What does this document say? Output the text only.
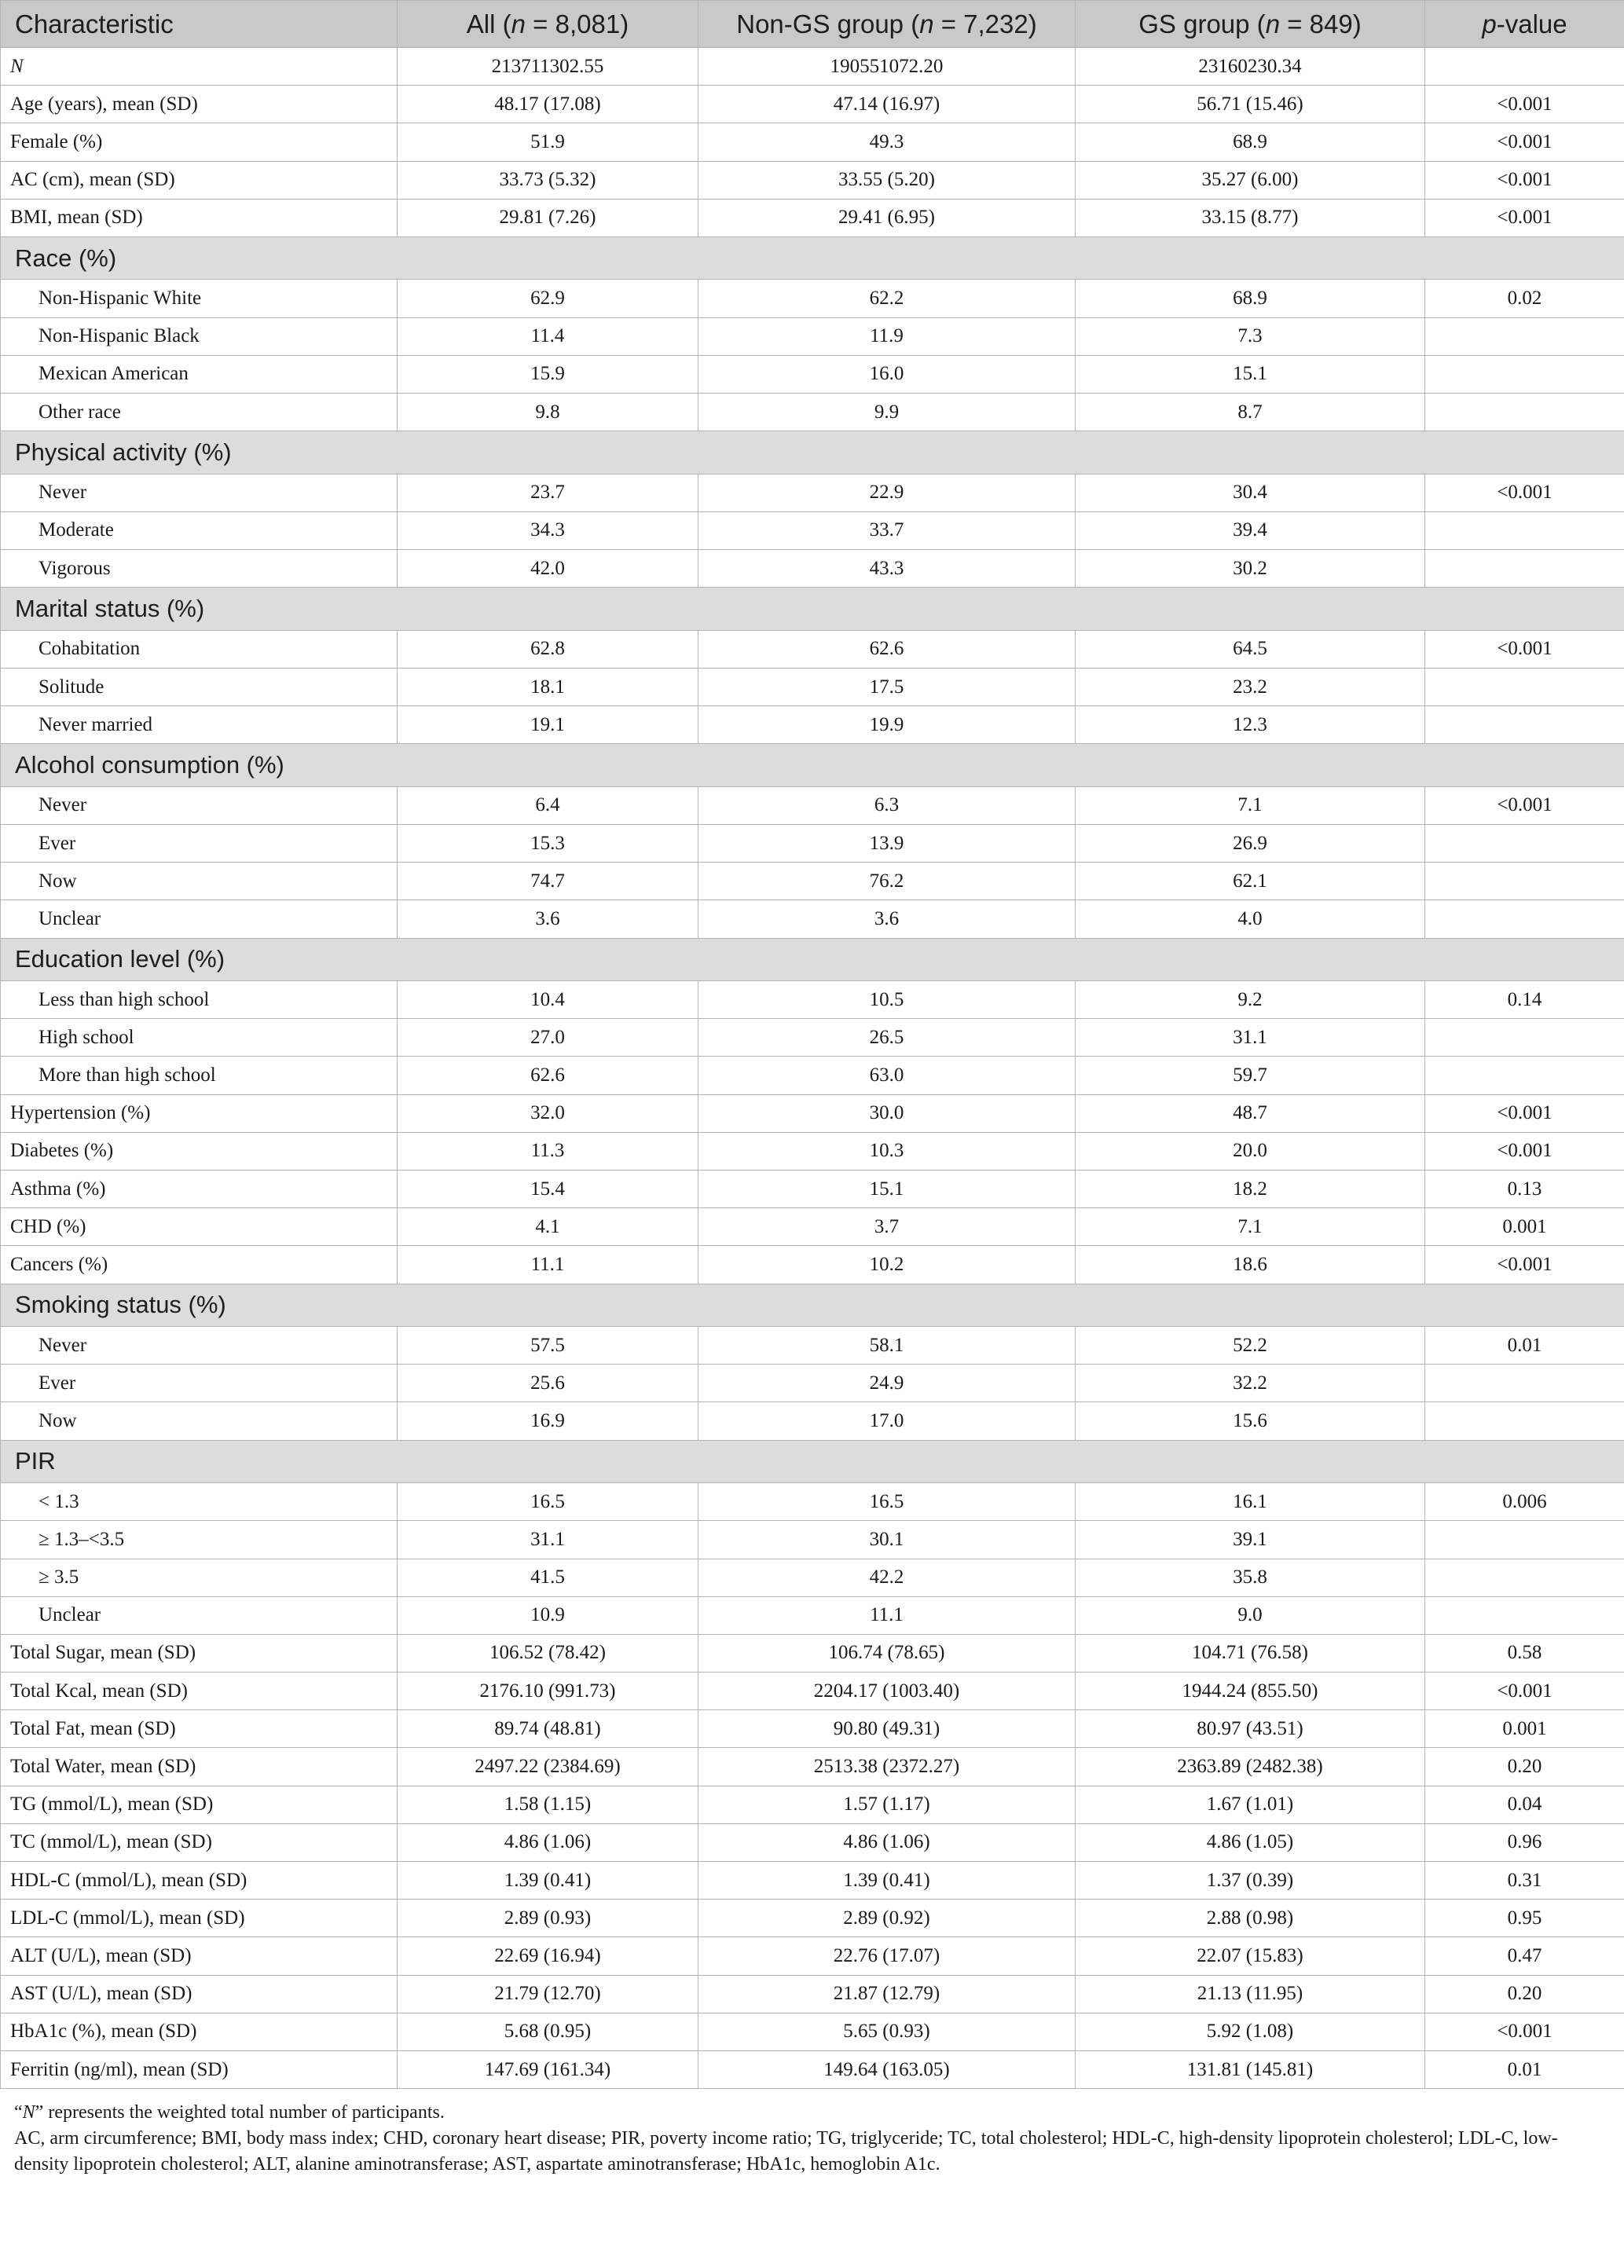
Characteristic	All (n = 8,081)	Non-GS group (n = 7,232)	GS group (n = 849)	p-value
N	213711302.55	190551072.20	23160230.34	
Age (years), mean (SD)	48.17 (17.08)	47.14 (16.97)	56.71 (15.46)	<0.001
Female (%)	51.9	49.3	68.9	<0.001
AC (cm), mean (SD)	33.73 (5.32)	33.55 (5.20)	35.27 (6.00)	<0.001
BMI, mean (SD)	29.81 (7.26)	29.41 (6.95)	33.15 (8.77)	<0.001
Race (%)				
Non-Hispanic White	62.9	62.2	68.9	0.02
Non-Hispanic Black	11.4	11.9	7.3	
Mexican American	15.9	16.0	15.1	
Other race	9.8	9.9	8.7	
Physical activity (%)				
Never	23.7	22.9	30.4	<0.001
Moderate	34.3	33.7	39.4	
Vigorous	42.0	43.3	30.2	
Marital status (%)				
Cohabitation	62.8	62.6	64.5	<0.001
Solitude	18.1	17.5	23.2	
Never married	19.1	19.9	12.3	
Alcohol consumption (%)				
Never	6.4	6.3	7.1	<0.001
Ever	15.3	13.9	26.9	
Now	74.7	76.2	62.1	
Unclear	3.6	3.6	4.0	
Education level (%)				
Less than high school	10.4	10.5	9.2	0.14
High school	27.0	26.5	31.1	
More than high school	62.6	63.0	59.7	
Hypertension (%)	32.0	30.0	48.7	<0.001
Diabetes (%)	11.3	10.3	20.0	<0.001
Asthma (%)	15.4	15.1	18.2	0.13
CHD (%)	4.1	3.7	7.1	0.001
Cancers (%)	11.1	10.2	18.6	<0.001
Smoking status (%)				
Never	57.5	58.1	52.2	0.01
Ever	25.6	24.9	32.2	
Now	16.9	17.0	15.6	
PIR				
< 1.3	16.5	16.5	16.1	0.006
≥ 1.3–<3.5	31.1	30.1	39.1	
≥ 3.5	41.5	42.2	35.8	
Unclear	10.9	11.1	9.0	
Total Sugar, mean (SD)	106.52 (78.42)	106.74 (78.65)	104.71 (76.58)	0.58
Total Kcal, mean (SD)	2176.10 (991.73)	2204.17 (1003.40)	1944.24 (855.50)	<0.001
Total Fat, mean (SD)	89.74 (48.81)	90.80 (49.31)	80.97 (43.51)	0.001
Total Water, mean (SD)	2497.22 (2384.69)	2513.38 (2372.27)	2363.89 (2482.38)	0.20
TG (mmol/L), mean (SD)	1.58 (1.15)	1.57 (1.17)	1.67 (1.01)	0.04
TC (mmol/L), mean (SD)	4.86 (1.06)	4.86 (1.06)	4.86 (1.05)	0.96
HDL-C (mmol/L), mean (SD)	1.39 (0.41)	1.39 (0.41)	1.37 (0.39)	0.31
LDL-C (mmol/L), mean (SD)	2.89 (0.93)	2.89 (0.92)	2.88 (0.98)	0.95
ALT (U/L), mean (SD)	22.69 (16.94)	22.76 (17.07)	22.07 (15.83)	0.47
AST (U/L), mean (SD)	21.79 (12.70)	21.87 (12.79)	21.13 (11.95)	0.20
HbA1c (%), mean (SD)	5.68 (0.95)	5.65 (0.93)	5.92 (1.08)	<0.001
Ferritin (ng/ml), mean (SD)	147.69 (161.34)	149.64 (163.05)	131.81 (145.81)	0.01

“N” represents the weighted total number of participants.

AC, arm circumference; BMI, body mass index; CHD, coronary heart disease; PIR, poverty income ratio; TG, triglyceride; TC, total cholesterol; HDL-C, high-density lipoprotein cholesterol; LDL-C, low-density lipoprotein cholesterol; ALT, alanine aminotransferase; AST, aspartate aminotransferase; HbA1c, hemoglobin A1c.
